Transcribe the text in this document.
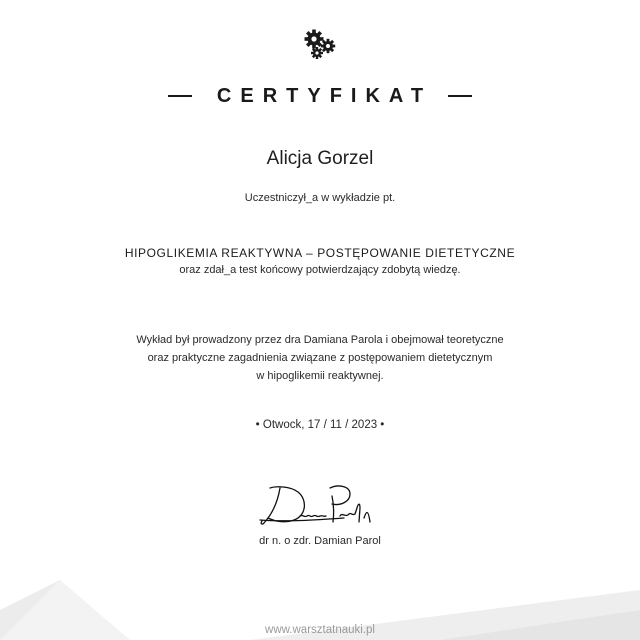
CERTYFIKAT
Alicja Gorzel
Uczestniczył_a w wykładzie pt.
HIPOGLIKEMIA REAKTYWNA – POSTĘPOWANIE DIETETYCZNE
oraz zdał_a test końcowy potwierdzający zdobytą wiedzę.
Wykład był prowadzony przez dra Damiana Parola i obejmował teoretyczne
oraz praktyczne zagadnienia związane z postępowaniem dietetycznym
w hipoglikemii reaktywnej.
• Otwock, 17 / 11 / 2023 •
dr n. o zdr. Damian Parol
www.warsztatnauki.pl
